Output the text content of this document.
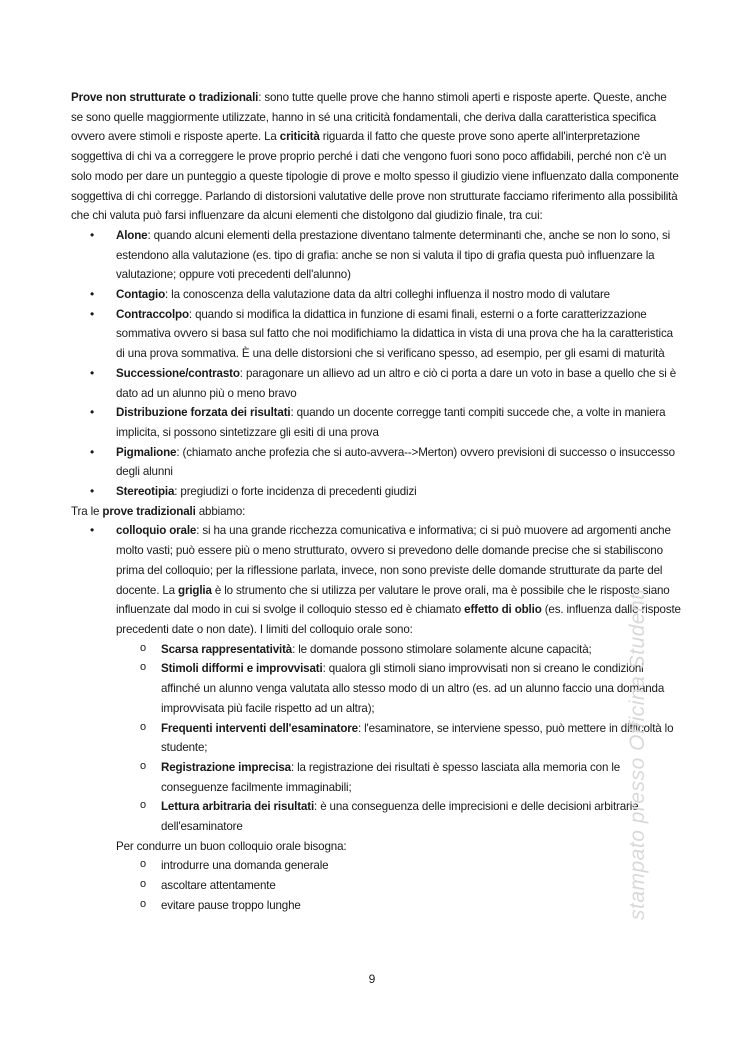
Prove non strutturate o tradizionali: sono tutte quelle prove che hanno stimoli aperti e risposte aperte. Queste, anche se sono quelle maggiormente utilizzate, hanno in sé una criticità fondamentali, che deriva dalla caratteristica specifica ovvero avere stimoli e risposte aperte. La criticità riguarda il fatto che queste prove sono aperte all'interpretazione soggettiva di chi va a correggere le prove proprio perché i dati che vengono fuori sono poco affidabili, perché non c'è un solo modo per dare un punteggio a queste tipologie di prove e molto spesso il giudizio viene influenzato dalla componente soggettiva di chi corregge. Parlando di distorsioni valutative delle prove non strutturate facciamo riferimento alla possibilità che chi valuta può farsi influenzare da alcuni elementi che distolgono dal giudizio finale, tra cui:

• Alone: quando alcuni elementi della prestazione diventano talmente determinanti che, anche se non lo sono, si estendono alla valutazione (es. tipo di grafia: anche se non si valuta il tipo di grafia questa può influenzare la valutazione; oppure voti precedenti dell'alunno)
• Contagio: la conoscenza della valutazione data da altri colleghi influenza il nostro modo di valutare
• Contraccolpo: quando si modifica la didattica in funzione di esami finali, esterni o a forte caratterizzazione sommativa ovvero si basa sul fatto che noi modifichiamo la didattica in vista di una prova che ha la caratteristica di una prova sommativa. È una delle distorsioni che si verificano spesso, ad esempio, per gli esami di maturità
• Successione/contrasto: paragonare un allievo ad un altro e ciò ci porta a dare un voto in base a quello che si è dato ad un alunno più o meno bravo
• Distribuzione forzata dei risultati: quando un docente corregge tanti compiti succede che, a volte in maniera implicita, si possono sintetizzare gli esiti di una prova
• Pigmalione: (chiamato anche profezia che si auto-avvera-->Merton) ovvero previsioni di successo o insuccesso degli alunni
• Stereotipia: pregiudizi o forte incidenza di precedenti giudizi

Tra le prove tradizionali abbiamo:

• colloquio orale: si ha una grande ricchezza comunicativa e informativa; ci si può muovere ad argomenti anche molto vasti; può essere più o meno strutturato, ovvero si prevedono delle domande precise che si stabiliscono prima del colloquio; per la riflessione parlata, invece, non sono previste delle domande strutturate da parte del docente. La griglia è lo strumento che si utilizza per valutare le prove orali, ma è possibile che le risposte siano influenzate dal modo in cui si svolge il colloquio stesso ed è chiamato effetto di oblio (es. influenza dalle risposte precedenti date o non date). I limiti del colloquio orale sono:
o Scarsa rappresentatività: le domande possono stimolare solamente alcune capacità;
o Stimoli difformi e improvvisati: qualora gli stimoli siano improvvisati non si creano le condizioni affinché un alunno venga valutata allo stesso modo di un altro (es. ad un alunno faccio una domanda improvvisata più facile rispetto ad un altra);
o Frequenti interventi dell'esaminatore: l'esaminatore, se interviene spesso, può mettere in difficoltà lo studente;
o Registrazione imprecisa: la registrazione dei risultati è spesso lasciata alla memoria con le conseguenze facilmente immaginabili;
o Lettura arbitraria dei risultati: è una conseguenza delle imprecisioni e delle decisioni arbitrarie dell'esaminatore

Per condurre un buon colloquio orale bisogna:

o introdurre una domanda generale
o ascoltare attentamente
o evitare pause troppo lunghe	stampato presso Officina Studenti
9
